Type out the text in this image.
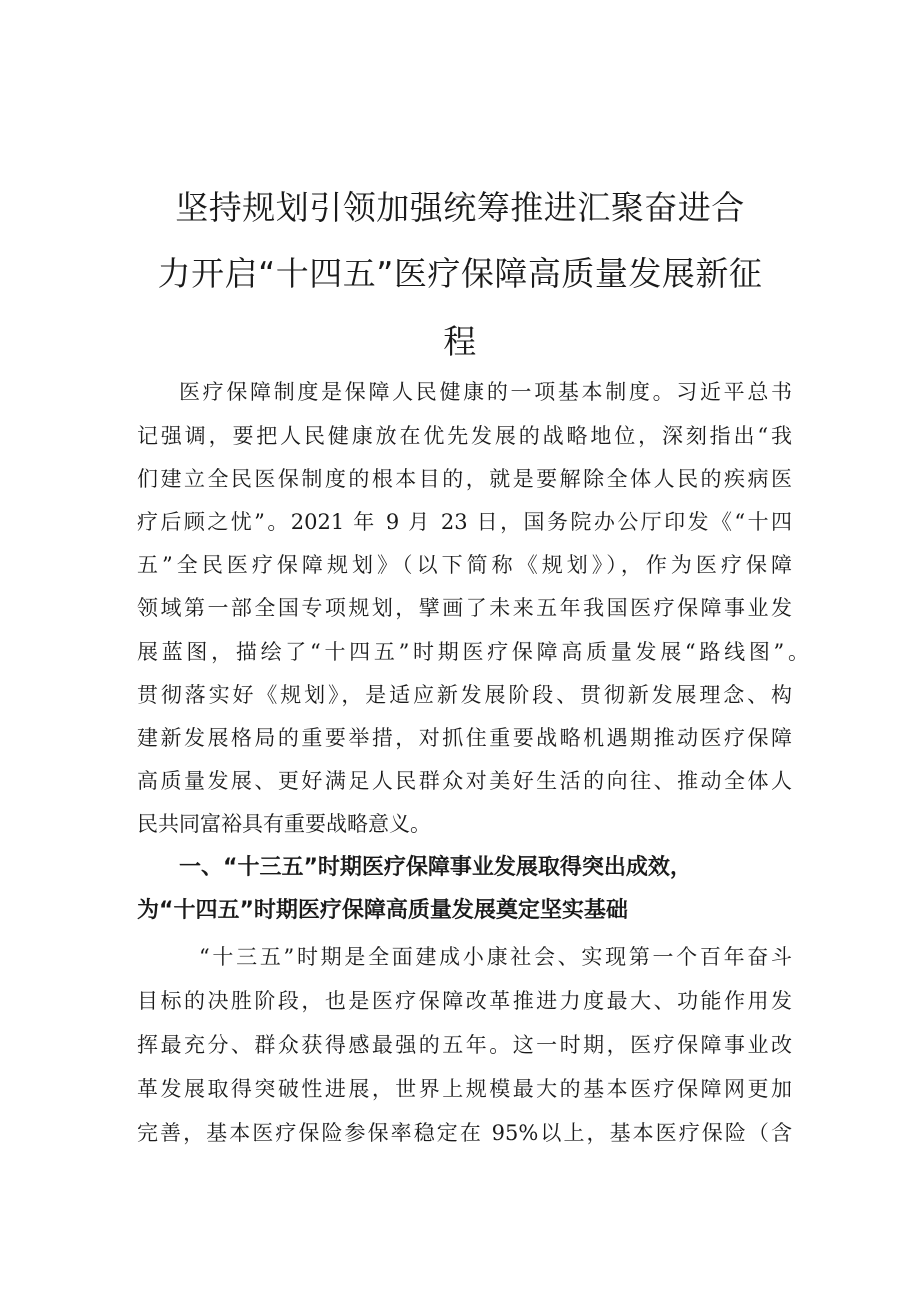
坚持规划引领加强统筹推进汇聚奋进合
力开启“十四五”医疗保障高质量发展新征
程
医疗保障制度是保障人民健康的一项基本制度。习近平总书
记强调，要把人民健康放在优先发展的战略地位，深刻指出“我
们建立全民医保制度的根本目的，就是要解除全体人民的疾病医
疗后顾之忧”。2021 年 9 月 23 日，国务院办公厅印发《“十四
五”全民医疗保障规划》（以下简称《规划》），作为医疗保障
领域第一部全国专项规划，擘画了未来五年我国医疗保障事业发
展蓝图，描绘了“十四五”时期医疗保障高质量发展“路线图”。
贯彻落实好《规划》，是适应新发展阶段、贯彻新发展理念、构
建新发展格局的重要举措，对抓住重要战略机遇期推动医疗保障
高质量发展、更好满足人民群众对美好生活的向往、推动全体人
民共同富裕具有重要战略意义。
一、“十三五”时期医疗保障事业发展取得突出成效，
为“十四五”时期医疗保障高质量发展奠定坚实基础
“十三五”时期是全面建成小康社会、实现第一个百年奋斗
目标的决胜阶段，也是医疗保障改革推进力度最大、功能作用发
挥最充分、群众获得感最强的五年。这一时期，医疗保障事业改
革发展取得突破性进展，世界上规模最大的基本医疗保障网更加
完善，基本医疗保险参保率稳定在 95%以上，基本医疗保险（含
